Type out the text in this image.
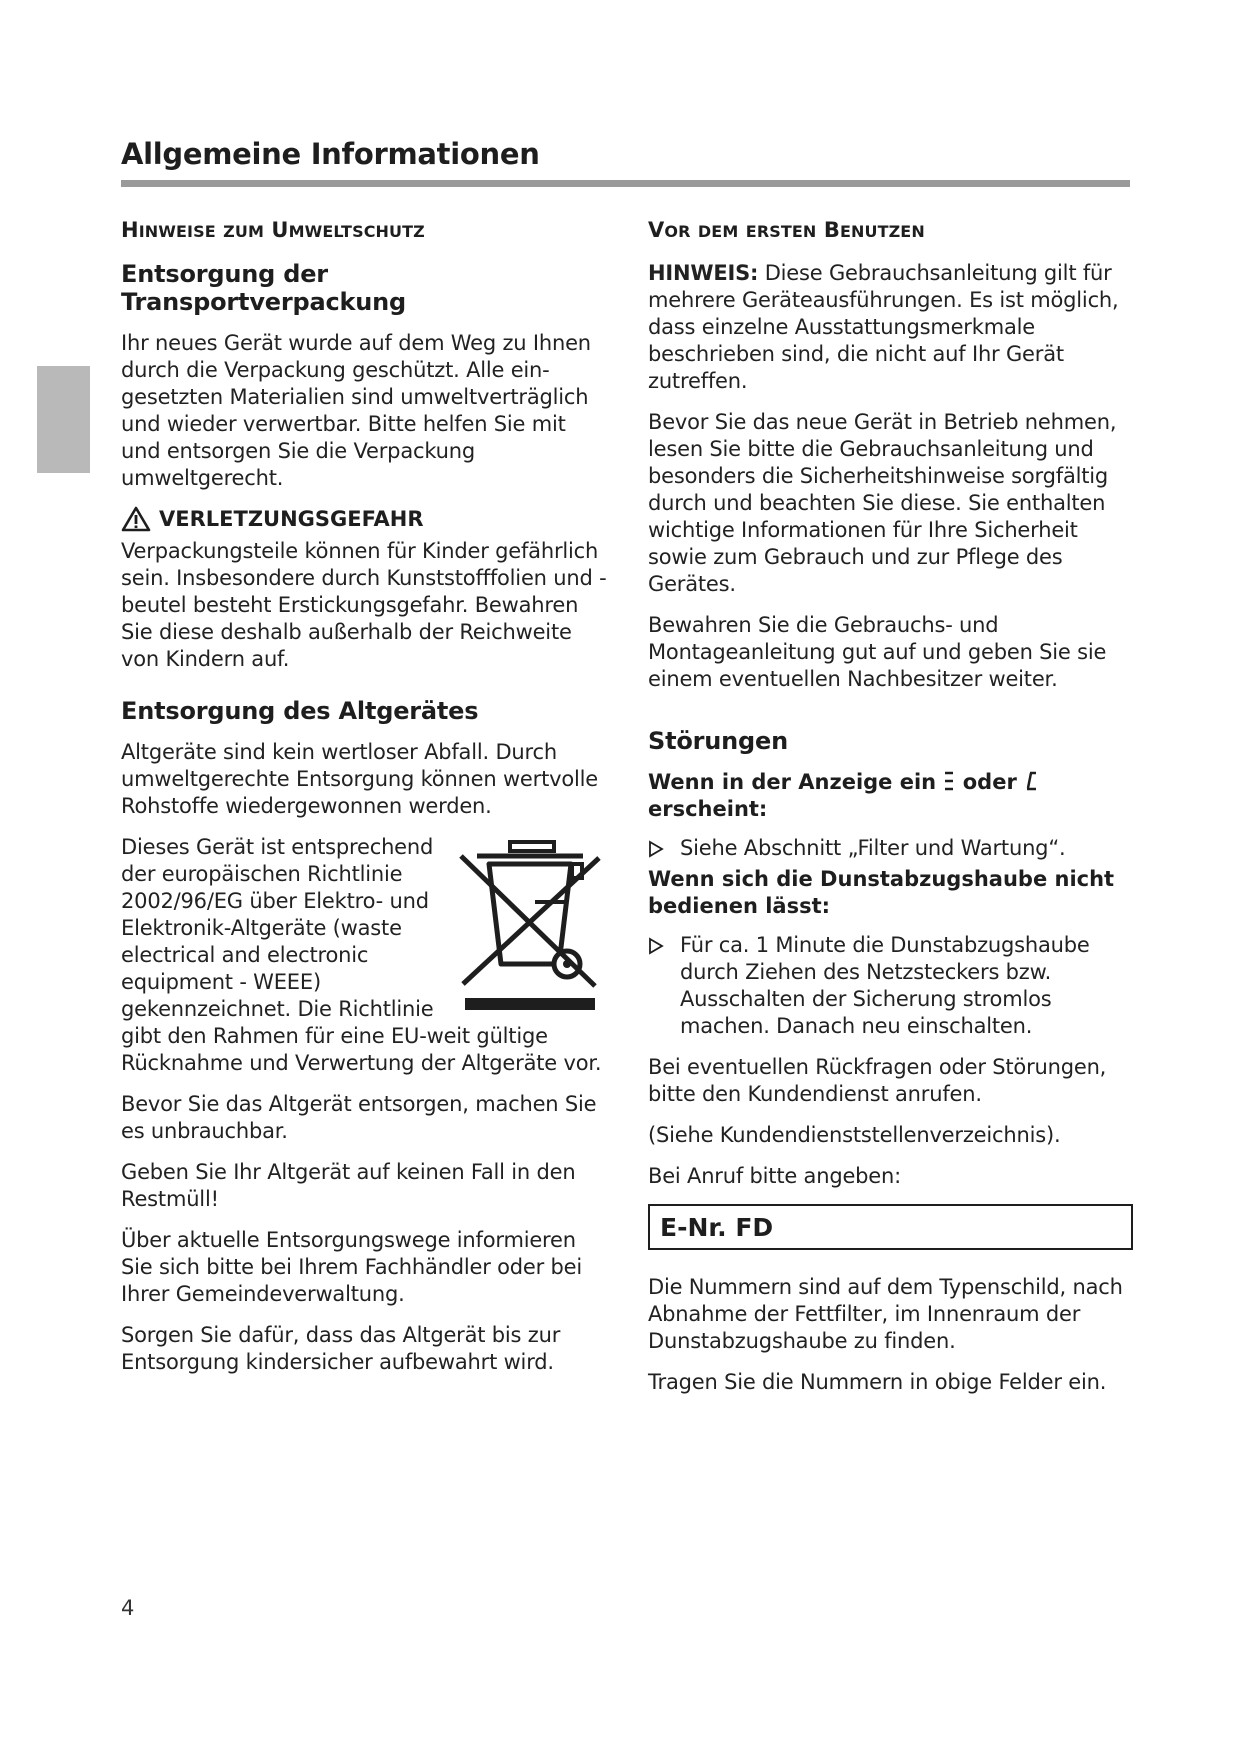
Allgemeine Informationen
HINWEISE ZUM UMWELTSCHUTZ
Entsorgung der Transportverpackung

Ihr neues Gerät wurde auf dem Weg zu Ihnen durch die Verpackung geschützt. Alle eingesetzten Materialien sind umweltverträglich und wieder verwertbar. Bitte helfen Sie mit und entsorgen Sie die Verpackung umweltgerecht.

VERLETZUNGSGEFAHR

Verpackungsteile können für Kinder gefährlich sein. Insbesondere durch Kunststofffolien und -beutel besteht Erstickungsgefahr. Bewahren Sie diese deshalb außerhalb der Reichweite von Kindern auf.

Entsorgung des Altgerätes

Altgeräte sind kein wertloser Abfall. Durch umweltgerechte Entsorgung können wertvolle Rohstoffe wiedergewonnen werden.

Dieses Gerät ist entsprechend der europäischen Richtlinie 2002/96/EG über Elektro- und Elektronik-Altgeräte (waste electrical and electronic equipment - WEEE) gekennzeichnet. Die Richtlinie gibt den Rahmen für eine EU-weit gültige Rücknahme und Verwertung der Altgeräte vor.

Bevor Sie das Altgerät entsorgen, machen Sie es unbrauchbar.

Geben Sie Ihr Altgerät auf keinen Fall in den Restmüll!

Über aktuelle Entsorgungswege informieren Sie sich bitte bei Ihrem Fachhändler oder bei Ihrer Gemeindeverwaltung.

Sorgen Sie dafür, dass das Altgerät bis zur Entsorgung kindersicher aufbewahrt wird.

VOR DEM ERSTEN BENUTZEN

HINWEIS: Diese Gebrauchsanleitung gilt für mehrere Geräteausführungen. Es ist möglich, dass einzelne Ausstattungsmerkmale beschrieben sind, die nicht auf Ihr Gerät zutreffen.

Bevor Sie das neue Gerät in Betrieb nehmen, lesen Sie bitte die Gebrauchsanleitung und besonders die Sicherheitshinweise sorgfältig durch und beachten Sie diese. Sie enthalten wichtige Informationen für Ihre Sicherheit sowie zum Gebrauch und zur Pflege des Gerätes.

Bewahren Sie die Gebrauchs- und Montageanleitung gut auf und geben Sie sie einem eventuellen Nachbesitzer weiter.

Störungen
Wenn in der Anzeige ein oder  erscheint:

Siehe Abschnitt „Filter und Wartung“.

Wenn sich die Dunstabzugshaube nicht bedienen lässt:

Für ca. 1 Minute die Dunstabzugshaube durch Ziehen des Netzsteckers bzw. Ausschalten der Sicherung stromlos machen. Danach neu einschalten.

Bei eventuellen Rückfragen oder Störungen, bitte den Kundendienst anrufen.

(Siehe Kundendienststellenverzeichnis).

Bei Anruf bitte angeben:

E-Nr. FD

Die Nummern sind auf dem Typenschild, nach Abnahme der Fettfilter, im Innenraum der Dunstabzugshaube zu finden.

Tragen Sie die Nummern in obige Felder ein.

4
